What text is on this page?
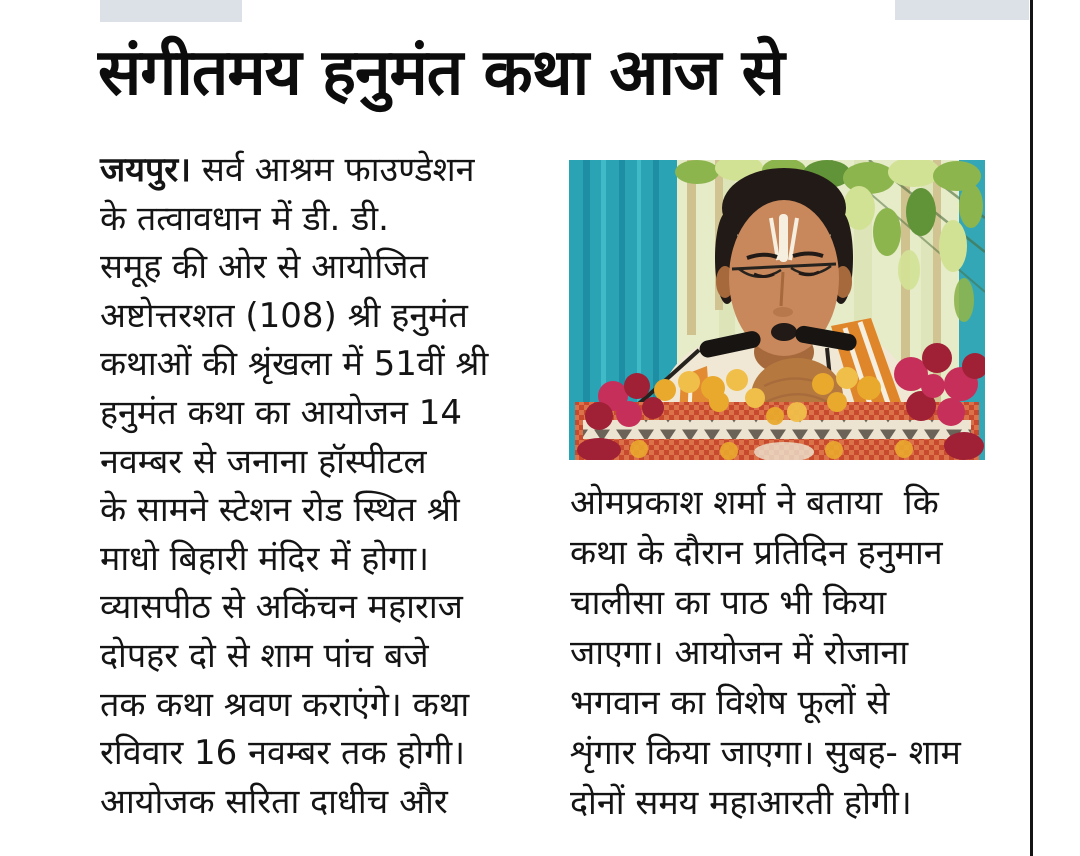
संगीतमय हनुमंत कथा आज से
जयपुर। सर्व आश्रम फाउण्डेशन
के तत्वावधान में डी. डी.
समूह की ओर से आयोजित
अष्टोत्तरशत (108) श्री हनुमंत
कथाओं की श्रृंखला में 51वीं श्री
हनुमंत कथा का आयोजन 14
नवम्बर से जनाना हॉस्पीटल
के सामने स्टेशन रोड स्थित श्री
माधो बिहारी मंदिर में होगा।
व्यासपीठ से अकिंचन महाराज
दोपहर दो से शाम पांच बजे
तक कथा श्रवण कराएंगे। कथा
रविवार 16 नवम्बर तक होगी।
आयोजक सरिता दाधीच और
ओमप्रकाश शर्मा ने बताया  कि
कथा के दौरान प्रतिदिन हनुमान
चालीसा का पाठ भी किया
जाएगा। आयोजन में रोजाना
भगवान का विशेष फूलों से
शृंगार किया जाएगा। सुबह- शाम
दोनों समय महाआरती होगी।
